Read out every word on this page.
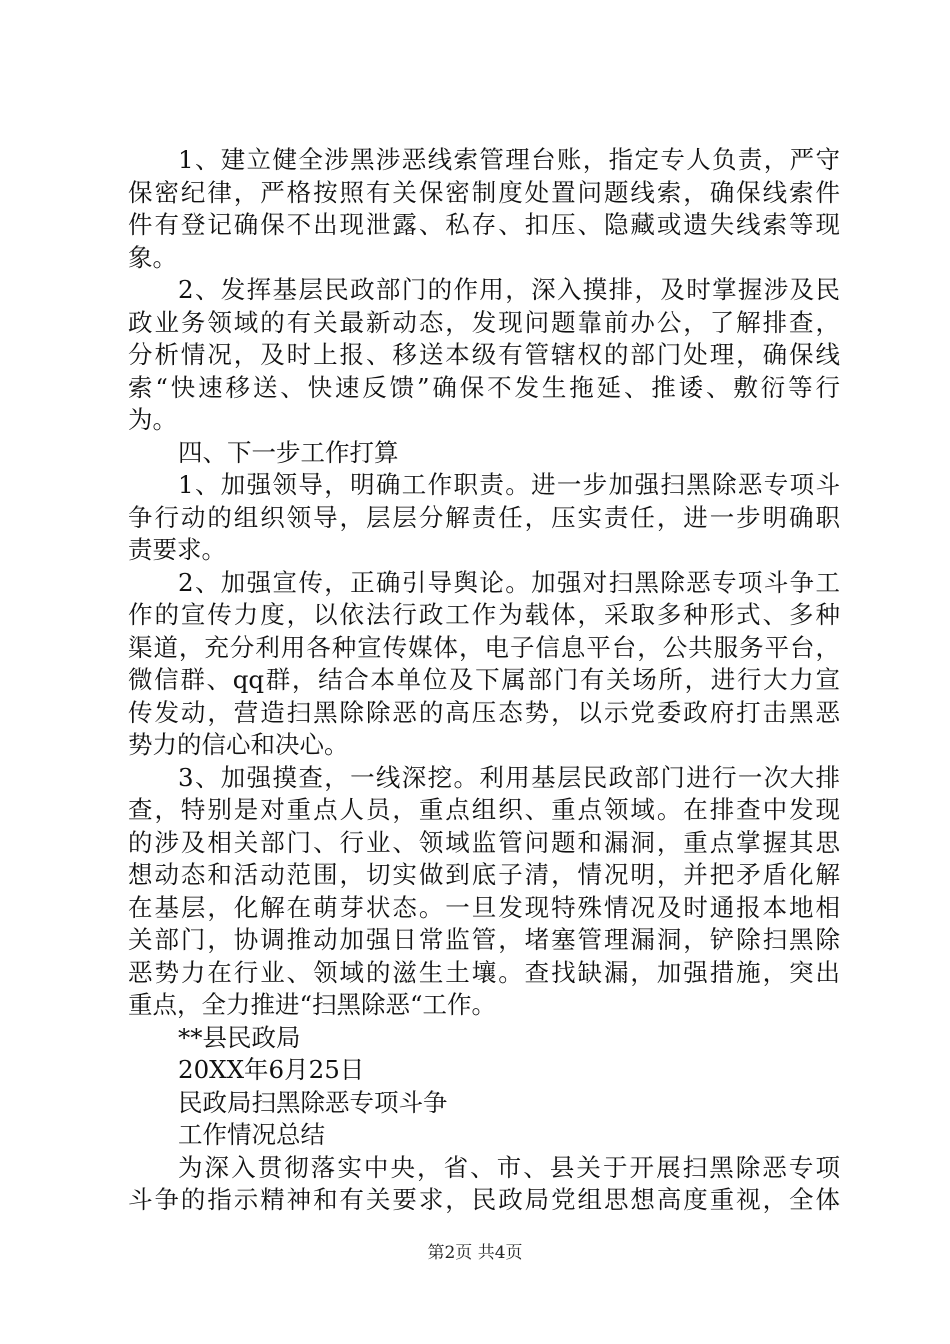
1、建立健全涉黑涉恶线索管理台账，指定专人负责，严守
保密纪律，严格按照有关保密制度处置问题线索，确保线索件
件有登记确保不出现泄露、私存、扣压、隐藏或遗失线索等现
象。
2、发挥基层民政部门的作用，深入摸排，及时掌握涉及民
政业务领域的有关最新动态，发现问题靠前办公，了解排查，
分析情况，及时上报、移送本级有管辖权的部门处理，确保线
索“快速移送、快速反馈”确保不发生拖延、推诿、敷衍等行
为。
四、下一步工作打算
1、加强领导，明确工作职责。进一步加强扫黑除恶专项斗
争行动的组织领导，层层分解责任，压实责任，进一步明确职
责要求。
2、加强宣传，正确引导舆论。加强对扫黑除恶专项斗争工
作的宣传力度，以依法行政工作为载体，采取多种形式、多种
渠道，充分利用各种宣传媒体，电子信息平台，公共服务平台，
微信群、qq群，结合本单位及下属部门有关场所，进行大力宣
传发动，营造扫黑除除恶的高压态势，以示党委政府打击黑恶
势力的信心和决心。
3、加强摸查，一线深挖。利用基层民政部门进行一次大排
查，特别是对重点人员，重点组织、重点领域。在排查中发现
的涉及相关部门、行业、领域监管问题和漏洞，重点掌握其思
想动态和活动范围，切实做到底子清，情况明，并把矛盾化解
在基层，化解在萌芽状态。一旦发现特殊情况及时通报本地相
关部门，协调推动加强日常监管，堵塞管理漏洞，铲除扫黑除
恶势力在行业、领域的滋生土壤。查找缺漏，加强措施，突出
重点，全力推进“扫黑除恶“工作。
**县民政局
20XX年6月25日
民政局扫黑除恶专项斗争
工作情况总结
为深入贯彻落实中央，省、市、县关于开展扫黑除恶专项
斗争的指示精神和有关要求，民政局党组思想高度重视，全体
第2页 共4页
